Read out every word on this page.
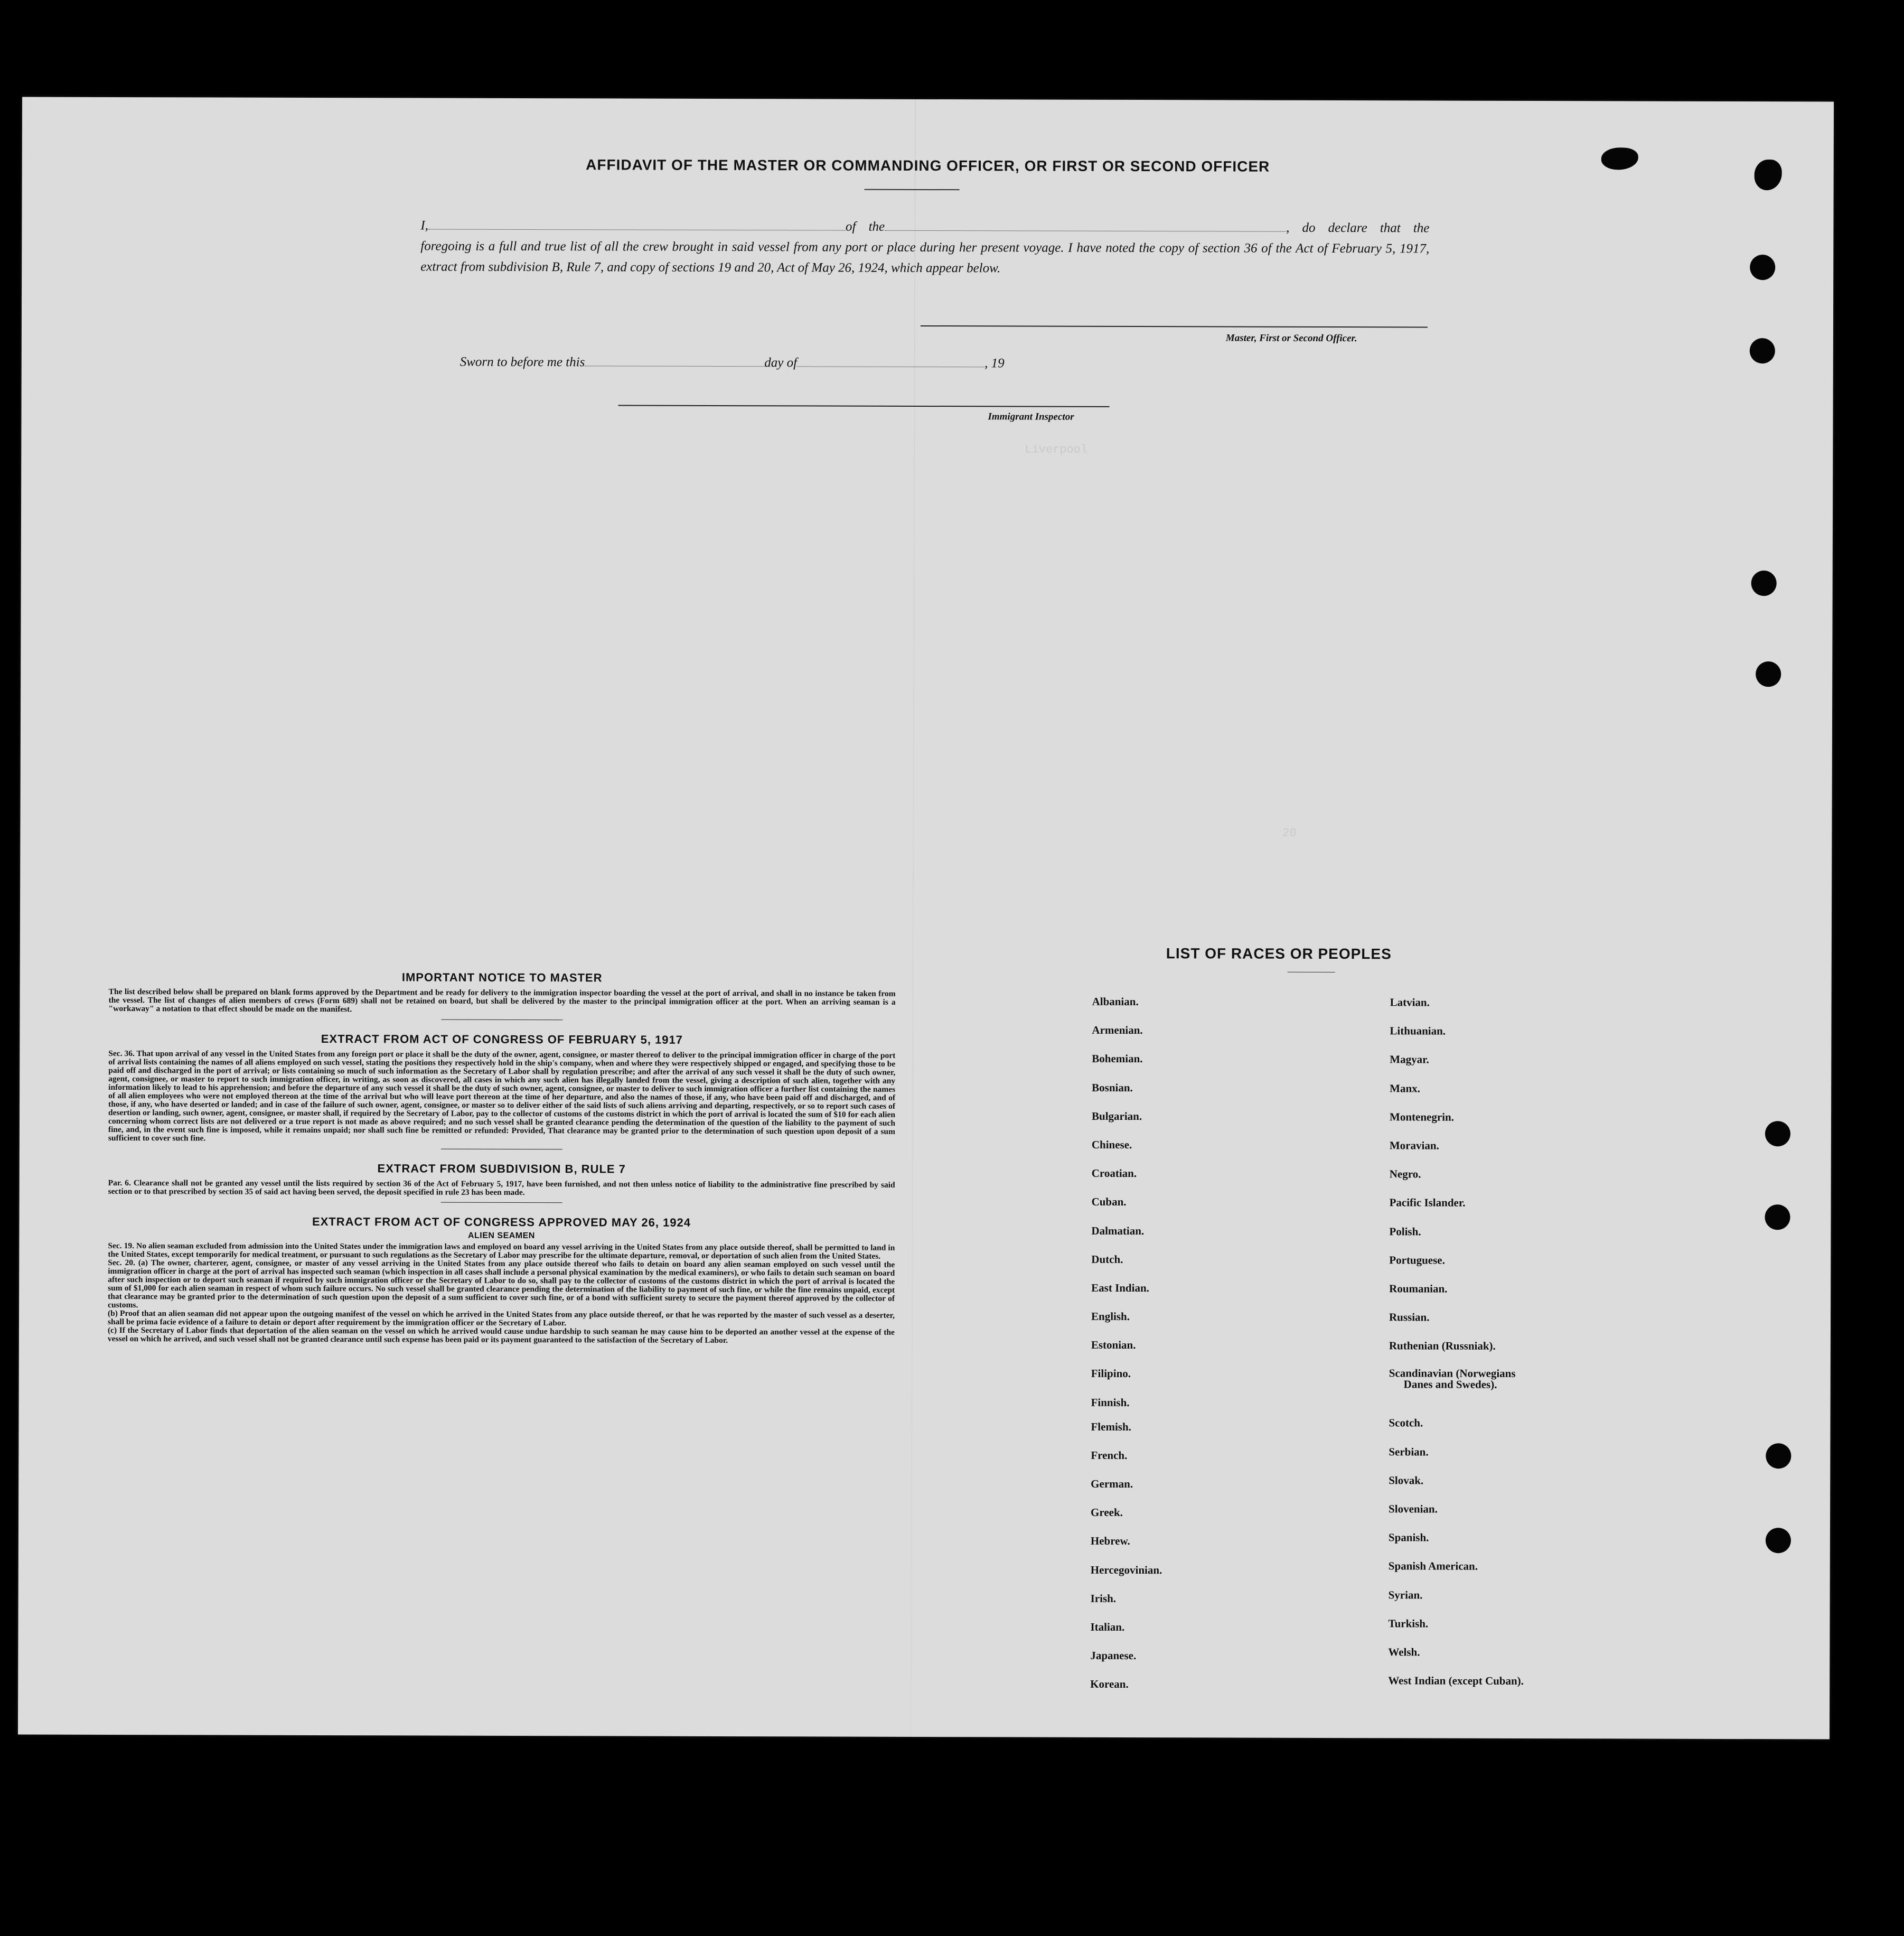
AFFIDAVIT OF THE MASTER OR COMMANDING OFFICER, OR FIRST OR SECOND OFFICER
I,	of the	, do declare that the foregoing is a full and true list of all the crew brought in said vessel from any port or place during her present voyage. I have noted the copy of section 36 of the Act of February 5, 1917, extract from subdivision B, Rule 7, and copy of sections 19 and 20, Act of May 26, 1924, which appear below.
Master, First or Second Officer.
Sworn to before me this	day of	, 19
Immigrant Inspector
Liverpool
20
IMPORTANT NOTICE TO MASTER

The list described below shall be prepared on blank forms approved by the Department and be ready for delivery to the immigration inspector boarding the vessel at the port of arrival, and shall in no instance be taken from the vessel. The list of changes of alien members of crews (Form 689) shall not be retained on board, but shall be delivered by the master to the principal immigration officer at the port. When an arriving seaman is a "workaway" a notation to that effect should be made on the manifest.

EXTRACT FROM ACT OF CONGRESS OF FEBRUARY 5, 1917

Sec. 36. That upon arrival of any vessel in the United States from any foreign port or place it shall be the duty of the owner, agent, consignee, or master thereof to deliver to the principal immigration officer in charge of the port of arrival lists containing the names of all aliens employed on such vessel, stating the positions they respectively hold in the ship's company, when and where they were respectively shipped or engaged, and specifying those to be paid off and discharged in the port of arrival; or lists containing so much of such information as the Secretary of Labor shall by regulation prescribe; and after the arrival of any such vessel it shall be the duty of such owner, agent, consignee, or master to report to such immigration officer, in writing, as soon as discovered, all cases in which any such alien has illegally landed from the vessel, giving a description of such alien, together with any information likely to lead to his apprehension; and before the departure of any such vessel it shall be the duty of such owner, agent, consignee, or master to deliver to such immigration officer a further list containing the names of all alien employees who were not employed thereon at the time of the arrival but who will leave port thereon at the time of her departure, and also the names of those, if any, who have been paid off and discharged, and of those, if any, who have deserted or landed; and in case of the failure of such owner, agent, consignee, or master so to deliver either of the said lists of such aliens arriving and departing, respectively, or so to report such cases of desertion or landing, such owner, agent, consignee, or master shall, if required by the Secretary of Labor, pay to the collector of customs of the customs district in which the port of arrival is located the sum of $10 for each alien concerning whom correct lists are not delivered or a true report is not made as above required; and no such vessel shall be granted clearance pending the determination of the question of the liability to the payment of such fine, and, in the event such fine is imposed, while it remains unpaid; nor shall such fine be remitted or refunded: Provided, That clearance may be granted prior to the determination of such question upon deposit of a sum sufficient to cover such fine.

EXTRACT FROM SUBDIVISION B, RULE 7

Par. 6. Clearance shall not be granted any vessel until the lists required by section 36 of the Act of February 5, 1917, have been furnished, and not then unless notice of liability to the administrative fine prescribed by said section or to that prescribed by section 35 of said act having been served, the deposit specified in rule 23 has been made.

EXTRACT FROM ACT OF CONGRESS APPROVED MAY 26, 1924
ALIEN SEAMEN

Sec. 19. No alien seaman excluded from admission into the United States under the immigration laws and employed on board any vessel arriving in the United States from any place outside thereof, shall be permitted to land in the United States, except temporarily for medical treatment, or pursuant to such regulations as the Secretary of Labor may prescribe for the ultimate departure, removal, or deportation of such alien from the United States.

Sec. 20. (a) The owner, charterer, agent, consignee, or master of any vessel arriving in the United States from any place outside thereof who fails to detain on board any alien seaman employed on such vessel until the immigration officer in charge at the port of arrival has inspected such seaman (which inspection in all cases shall include a personal physical examination by the medical examiners), or who fails to detain such seaman on board after such inspection or to deport such seaman if required by such immigration officer or the Secretary of Labor to do so, shall pay to the collector of customs of the customs district in which the port of arrival is located the sum of $1,000 for each alien seaman in respect of whom such failure occurs. No such vessel shall be granted clearance pending the determination of the liability to payment of such fine, or while the fine remains unpaid, except that clearance may be granted prior to the determination of such question upon the deposit of a sum sufficient to cover such fine, or of a bond with sufficient surety to secure the payment thereof approved by the collector of customs.

(b) Proof that an alien seaman did not appear upon the outgoing manifest of the vessel on which he arrived in the United States from any place outside thereof, or that he was reported by the master of such vessel as a deserter, shall be prima facie evidence of a failure to detain or deport after requirement by the immigration officer or the Secretary of Labor.

(c) If the Secretary of Labor finds that deportation of the alien seaman on the vessel on which he arrived would cause undue hardship to such seaman he may cause him to be deported an another vessel at the expense of the vessel on which he arrived, and such vessel shall not be granted clearance until such expense has been paid or its payment guaranteed to the satisfaction of the Secretary of Labor.

LIST OF RACES OR PEOPLES
Albanian.
Armenian.
Bohemian.
Bosnian.
Bulgarian.
Chinese.
Croatian.
Cuban.
Dalmatian.
Dutch.
East Indian.
English.
Estonian.
Filipino.
Finnish.
Flemish.
French.
German.
Greek.
Hebrew.
Hercegovinian.
Irish.
Italian.
Japanese.
Korean.
Latvian.
Lithuanian.
Magyar.
Manx.
Montenegrin.
Moravian.
Negro.
Pacific Islander.
Polish.
Portuguese.
Roumanian.
Russian.
Ruthenian (Russniak).
Scandinavian (Norwegians
Danes and Swedes).
Scotch.
Serbian.
Slovak.
Slovenian.
Spanish.
Spanish American.
Syrian.
Turkish.
Welsh.
West Indian (except Cuban).
